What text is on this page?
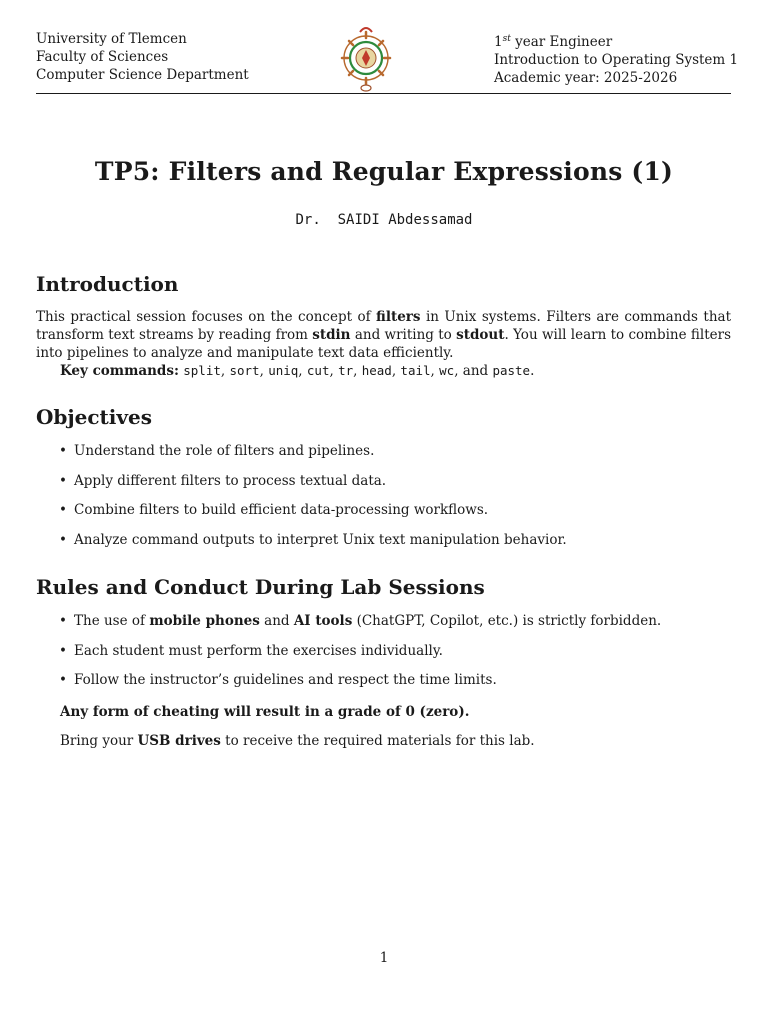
University of Tlemcen
Faculty of Sciences
Computer Science Department
1st year Engineer
Introduction to Operating System 1
Academic year: 2025-2026
TP5: Filters and Regular Expressions (1)
Dr.  SAIDI Abdessamad
Introduction

This practical session focuses on the concept of filters in Unix systems. Filters are commands that transform text streams by reading from stdin and writing to stdout. You will learn to combine filters into pipelines to analyze and manipulate text data efficiently.

Key commands: split, sort, uniq, cut, tr, head, tail, wc, and paste.

Objectives
• Understand the role of filters and pipelines.
• Apply different filters to process textual data.
• Combine filters to build efficient data-processing workflows.
• Analyze command outputs to interpret Unix text manipulation behavior.
Rules and Conduct During Lab Sessions
• The use of mobile phones and AI tools (ChatGPT, Copilot, etc.) is strictly forbidden.
• Each student must perform the exercises individually.
• Follow the instructor’s guidelines and respect the time limits.

Any form of cheating will result in a grade of 0 (zero).

Bring your USB drives to receive the required materials for this lab.

1
